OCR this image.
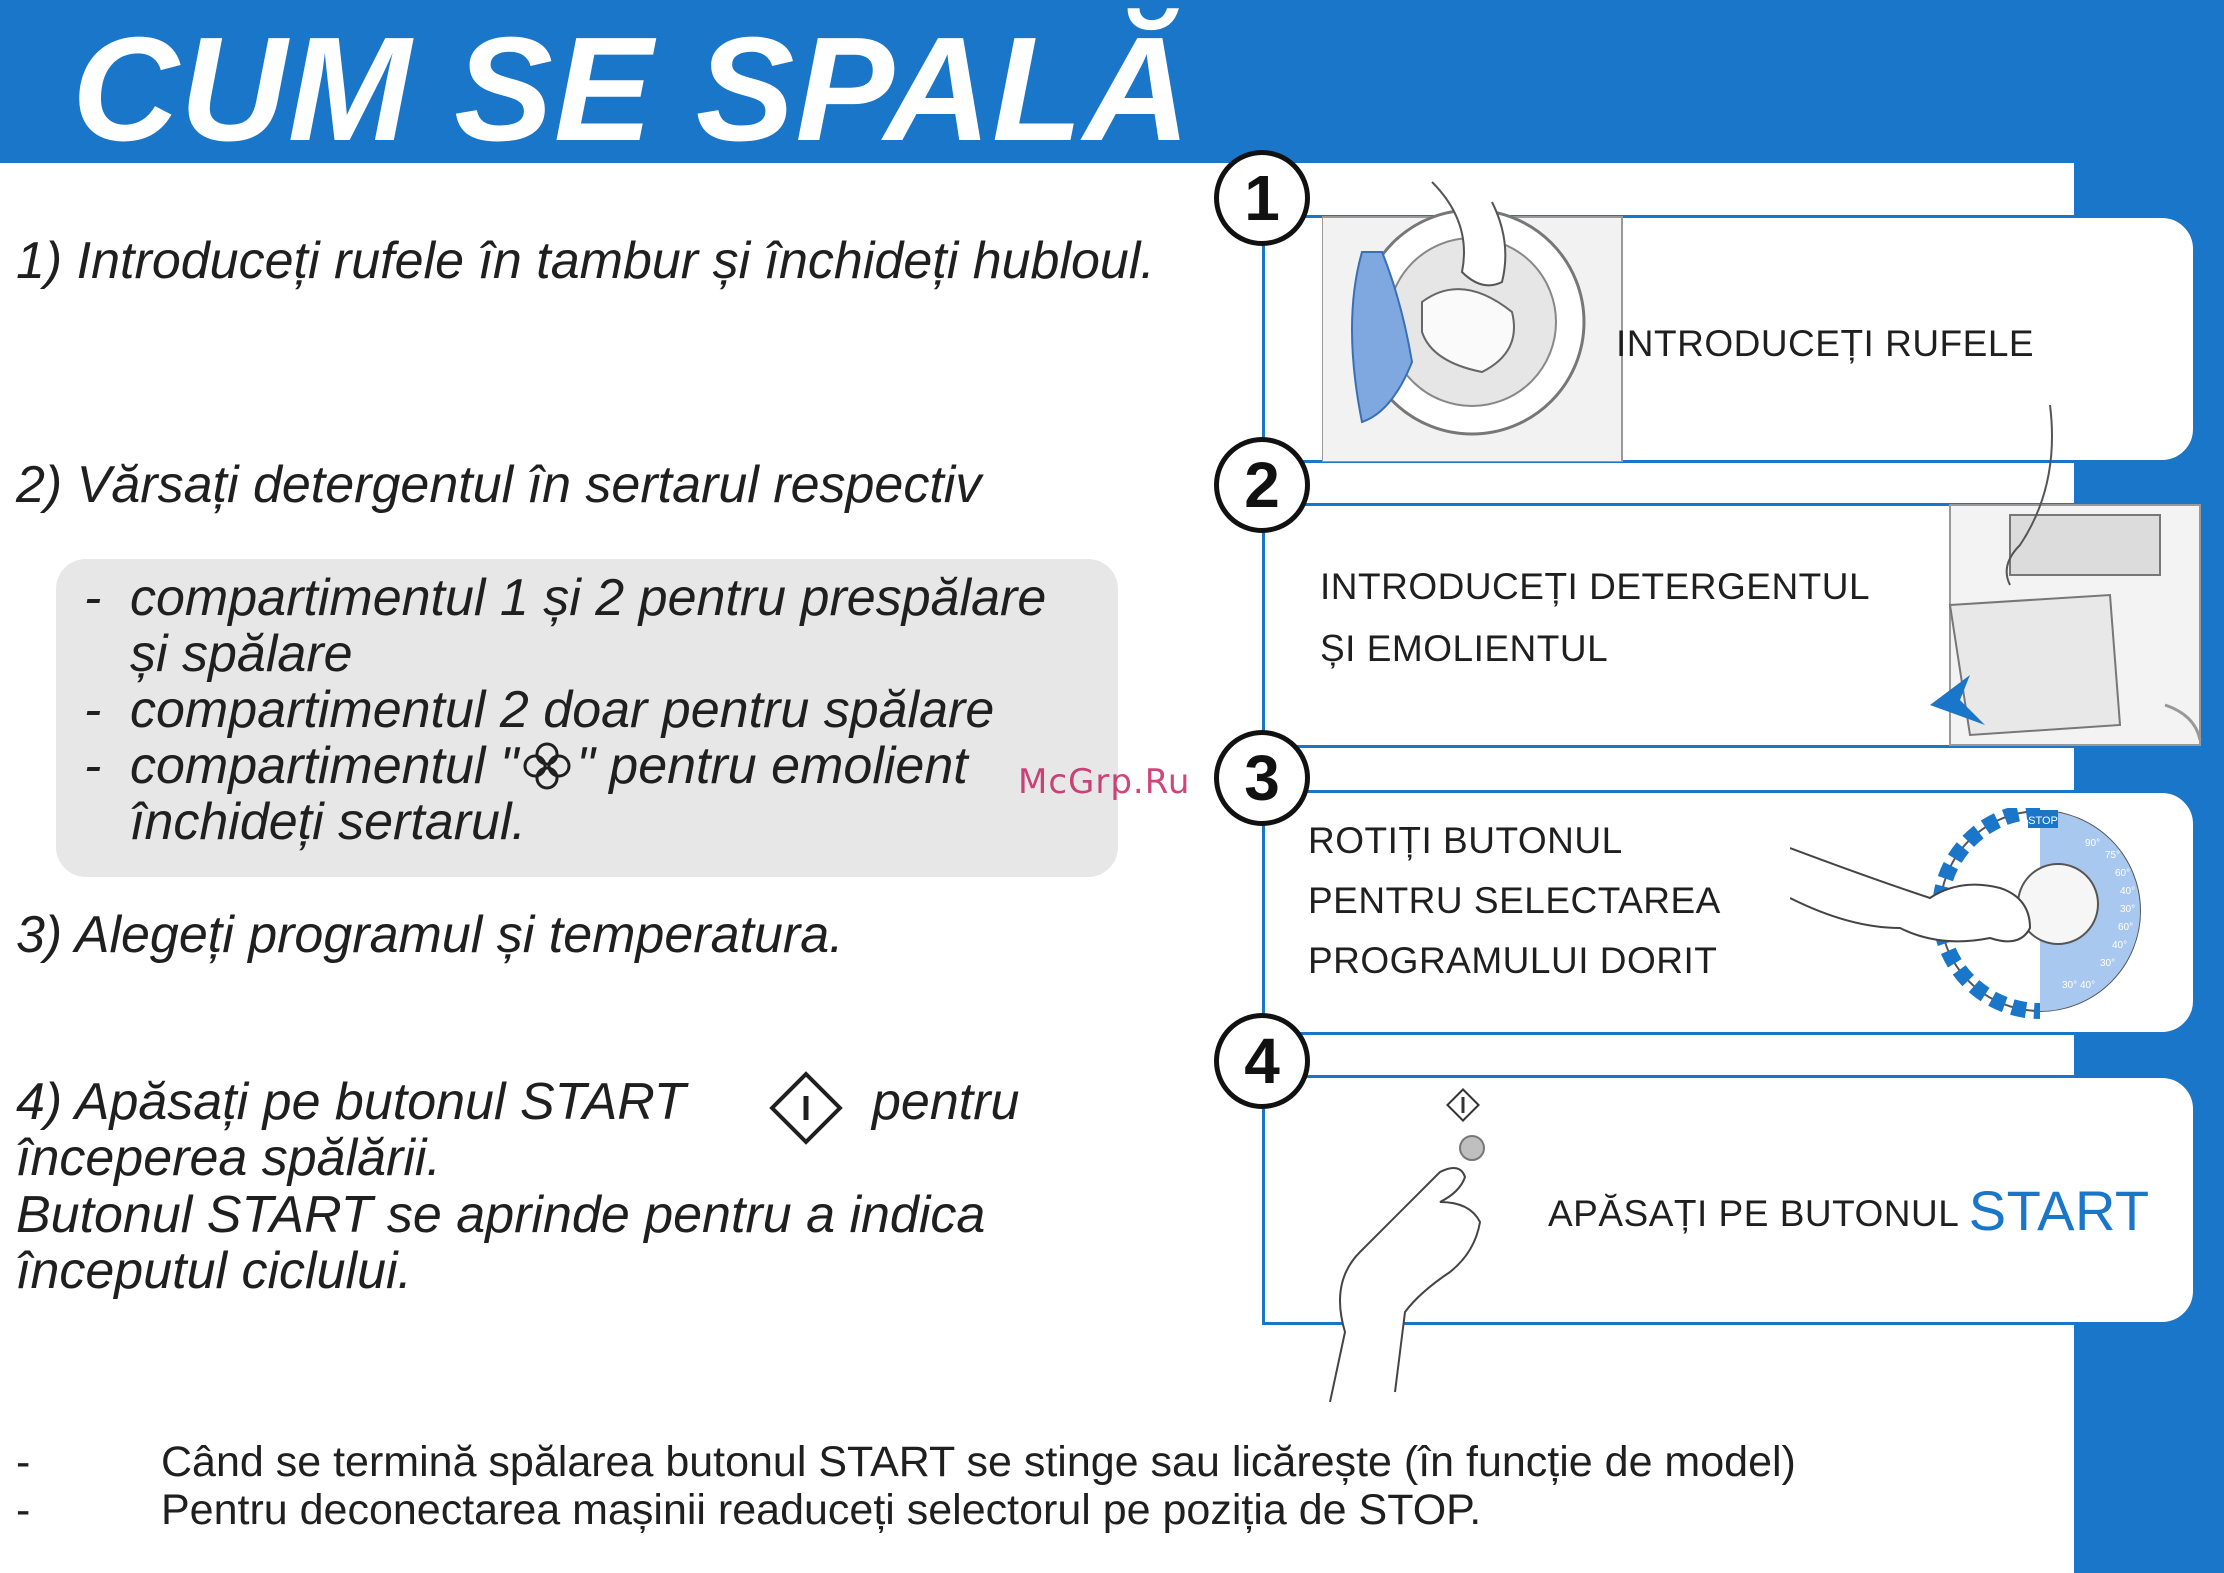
CUM SE SPALĂ

1) Introduceți rufele în tambur și închideți hubloul.

2) Vărsați detergentul în sertarul respectiv

- compartimentul 1 și 2 pentru prespălare
și spălare
- compartimentul 2 doar pentru spălare
- compartimentul " " pentru emolient
închideți sertarul.

3) Alegeți programul și temperatura.

4) Apăsați pe butonul START	pentru

începerea spălării.

Butonul START se aprinde pentru a indica

începutul ciclului.

McGrp.Ru
INTRODUCEȚI RUFELE
1
INTRODUCEȚI DETERGENTUL
ȘI EMOLIENTUL
2
ROTIȚI BUTONUL
PENTRU SELECTAREA
PROGRAMULUI DORIT
STOP
90°
75°
60°
40°
30°
60°
40°
30°
30° 40°
3
APĂSAȚI PE BUTONUL START
4
-	Când se termină spălarea butonul START se stinge sau licărește (în funcție de model)
-	Pentru deconectarea mașinii readuceți selectorul pe poziția de STOP.
